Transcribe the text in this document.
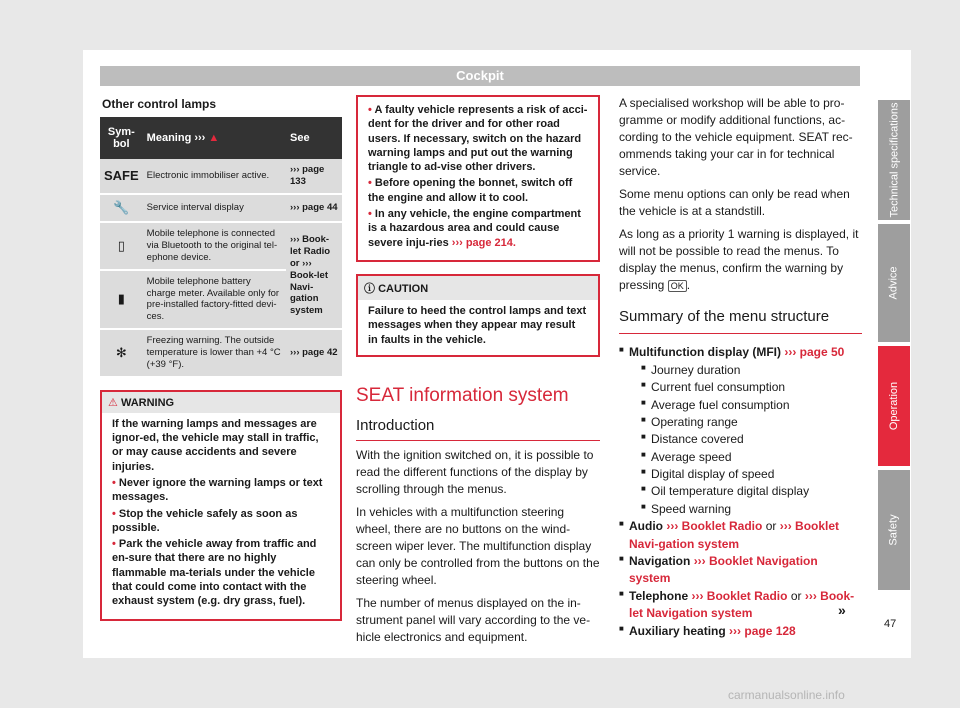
Cockpit
Other control lamps
Sym-bol	Meaning ››› ▲	See
SAFE	Electronic immobiliser active.	››› page 133
🔧	Service interval display	››› page 44
▯	Mobile telephone is connected via Bluetooth to the original tel-ephone device.	››› Book-let Radio or ››› Book-let Navi-gation system
▮	Mobile telephone battery charge meter. Available only for pre-installed factory-fitted devi-ces.	
✻	Freezing warning. The outside temperature is lower than +4 °C (+39 °F).	››› page 42
⚠ WARNING

If the warning lamps and messages are ignor-ed, the vehicle may stall in traffic, or may cause accidents and severe injuries.

• Never ignore the warning lamps or text messages.

• Stop the vehicle safely as soon as possible.

• Park the vehicle away from traffic and en-sure that there are no highly flammable ma-terials under the vehicle that could come into contact with the exhaust system (e.g. dry grass, fuel).

• A faulty vehicle represents a risk of acci-dent for the driver and for other road users. If necessary, switch on the hazard warning lamps and put out the warning triangle to ad-vise other drivers.

• Before opening the bonnet, switch off the engine and allow it to cool.

• In any vehicle, the engine compartment is a hazardous area and could cause severe inju-ries ››› page 214.

ⓘ CAUTION
Failure to heed the control lamps and text messages when they appear may result in faults in the vehicle.
SEAT information system
Introduction

With the ignition switched on, it is possible to read the different functions of the display by scrolling through the menus.

In vehicles with a multifunction steering wheel, there are no buttons on the wind-screen wiper lever. The multifunction display can only be controlled from the buttons on the steering wheel.

The number of menus displayed on the in-strument panel will vary according to the ve-hicle electronics and equipment.

A specialised workshop will be able to pro-gramme or modify additional functions, ac-cording to the vehicle equipment. SEAT rec-ommends taking your car in for technical service.

Some menu options can only be read when the vehicle is at a standstill.

As long as a priority 1 warning is displayed, it will not be possible to read the menus. To display the menus, confirm the warning by pressing OK .

Summary of the menu structure
■ Multifunction display (MFI) ››› page 50
■ Journey duration
■ Current fuel consumption
■ Average fuel consumption
■ Operating range
■ Distance covered
■ Average speed
■ Digital display of speed
■ Oil temperature digital display
■ Speed warning
■ Audio ››› Booklet Radio or ››› Booklet Navi-gation system
■ Navigation ››› Booklet Navigation system
■ Telephone ››› Booklet Radio or ››› Book-let Navigation system
■ Auxiliary heating ››› page 128
»
Technical specifications
Advice
Operation
Safety
47
carmanualsonline.info
